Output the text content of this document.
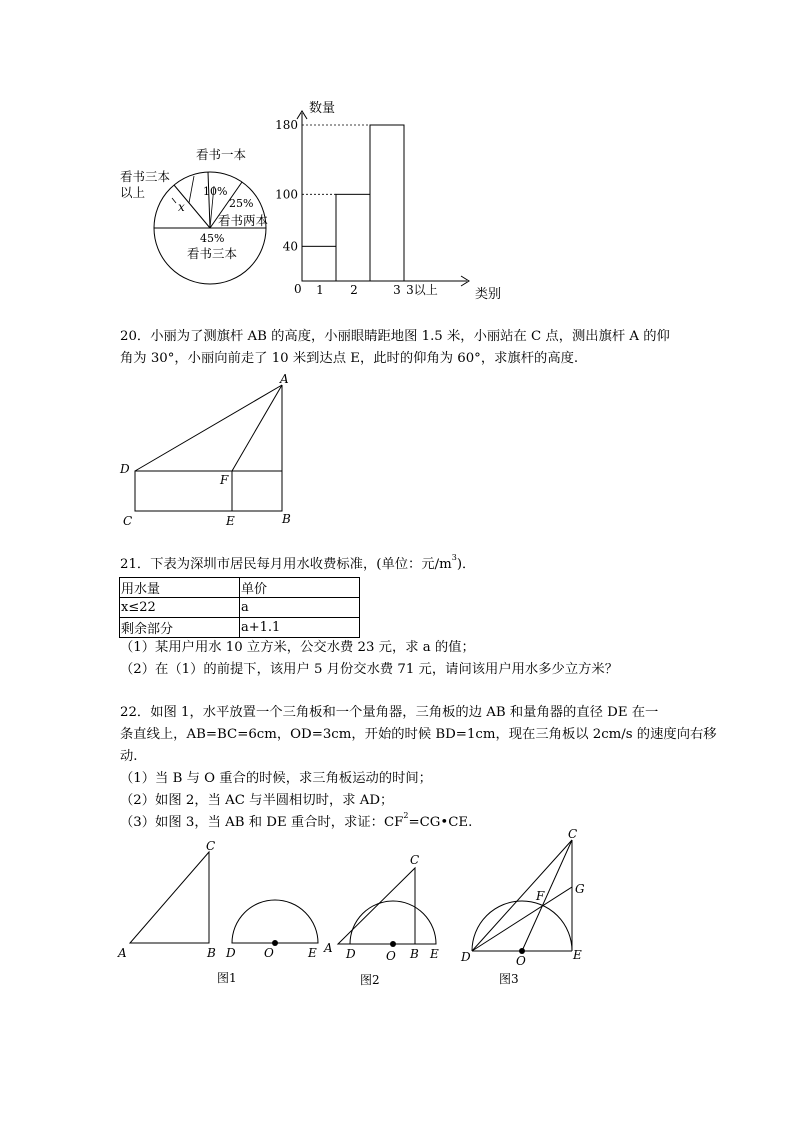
看书一本
看书三本
以上
x
10%
25%
看书两本
45%
看书三本
数量
类别
0
40
100
180
1 2	3 3以上
20．小丽为了测旗杆 AB 的高度，小丽眼睛距地图 1.5 米，小丽站在 C 点，测出旗杆 A 的仰
角为 30°，小丽向前走了 10 米到达点 E，此时的仰角为 60°，求旗杆的高度.
A
D
F
C	E	B
21．下表为深圳市居民每月用水收费标准，(单位：元$/m^3$)．
用水量	单价
x≤22	a
剩余部分	a+1.1
（1）某用户用水 10 立方米，公交水费 23 元，求 a 的值；
（2）在（1）的前提下，该用户 5 月份交水费 71 元，请问该用户用水多少立方米？
22．如图 1，水平放置一个三角板和一个量角器，三角板的边 AB 和量角器的直径 DE 在一
条直线上，AB=BC=6cm，OD=3cm，开始的时候 BD=1cm，现在三角板以 2cm/s 的速度向右移
动.
（1）当 B 与 O 重合的时候，求三角板运动的时间；
（2）如图 2，当 AC 与半圆相切时，求 AD；
（3）如图 3，当 AB 和 DE 重合时，求证：$CF^2=CG•CE$.
C
A	B D O	E
图1
C
A D	O B E
图2
C
G
F
D	O	E
图3
